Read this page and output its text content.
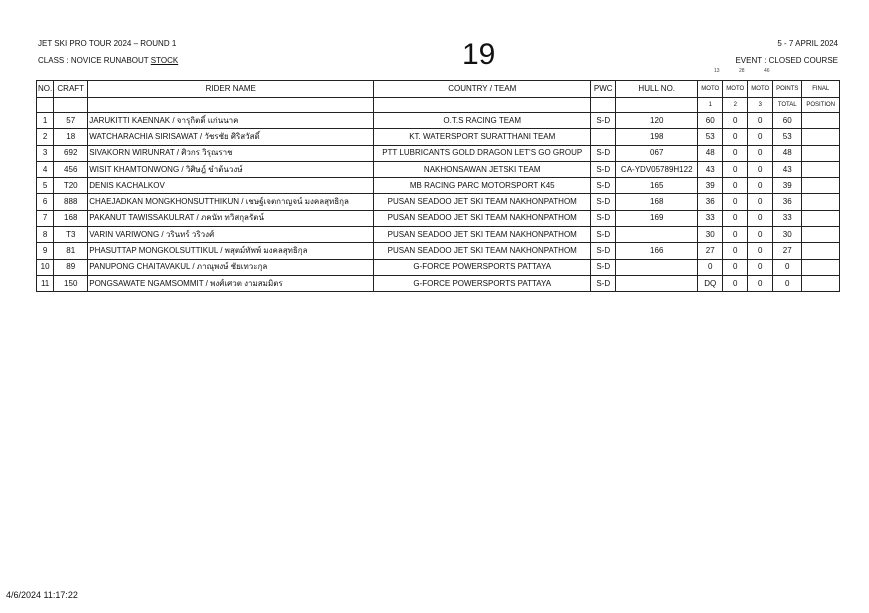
JET SKI PRO TOUR 2024 – ROUND 1
CLASS : NOVICE RUNABOUT STOCK	19	5 - 7 APRIL 2024
EVENT : CLOSED COURSE
13	28	46
NO.	CRAFT	RIDER NAME	COUNTRY / TEAM	PWC	HULL NO.	MOTO	MOTO	MOTO	POINTS	FINAL
						1	2	3	TOTAL	POSITION
1	57	JARUKITTI KAENNAK / จารุกิตติ์ แก่นนาค	O.T.S RACING TEAM	S-D	120	60	0	0	60	
2	18	WATCHARACHIA SIRISAWAT / วัชรชัย ศิริสวัสดิ์	KT. WATERSPORT SURATTHANI TEAM		198	53	0	0	53	
3	692	SIVAKORN WIRUNRAT / ศิวกร วิรุณราช	PTT LUBRICANTS GOLD DRAGON LET'S GO GROUP	S-D	067	48	0	0	48	
4	456	WISIT KHAMTONWONG / วิศิษฎ์ ขำต้นวงษ์	NAKHONSAWAN JETSKI TEAM	S-D	CA-YDV05789H122	43	0	0	43	
5	T20	DENIS KACHALKOV	MB RACING PARC MOTORSPORT K45	S-D	165	39	0	0	39	
6	888	CHAEJADKAN MONGKHONSUTTHIKUN / เชษฐ์เจตกาญจน์ มงคลสุทธิกุล	PUSAN SEADOO JET SKI TEAM NAKHONPATHOM	S-D	168	36	0	0	36	
7	168	PAKANUT TAWISSAKULRAT / ภคนัท ทวิสกุลรัตน์	PUSAN SEADOO JET SKI TEAM NAKHONPATHOM	S-D	169	33	0	0	33	
8	T3	VARIN VARIWONG / วรินทร์ วริวงศ์	PUSAN SEADOO JET SKI TEAM NAKHONPATHOM	S-D		30	0	0	30	
9	81	PHASUTTAP MONGKOLSUTTIKUL / พสุตม์ทัพพ์ มงคลสุทธิกุล	PUSAN SEADOO JET SKI TEAM NAKHONPATHOM	S-D	166	27	0	0	27	
10	89	PANUPONG CHAITAVAKUL / ภาณุพงษ์ ชัยเทวะกุล	G-FORCE POWERSPORTS PATTAYA	S-D		0	0	0	0	
11	150	PONGSAWATE NGAMSOMMIT / พงศ์เศวต งามสมมิตร	G-FORCE POWERSPORTS PATTAYA	S-D		DQ	0	0	0	
4/6/2024 11:17:22
